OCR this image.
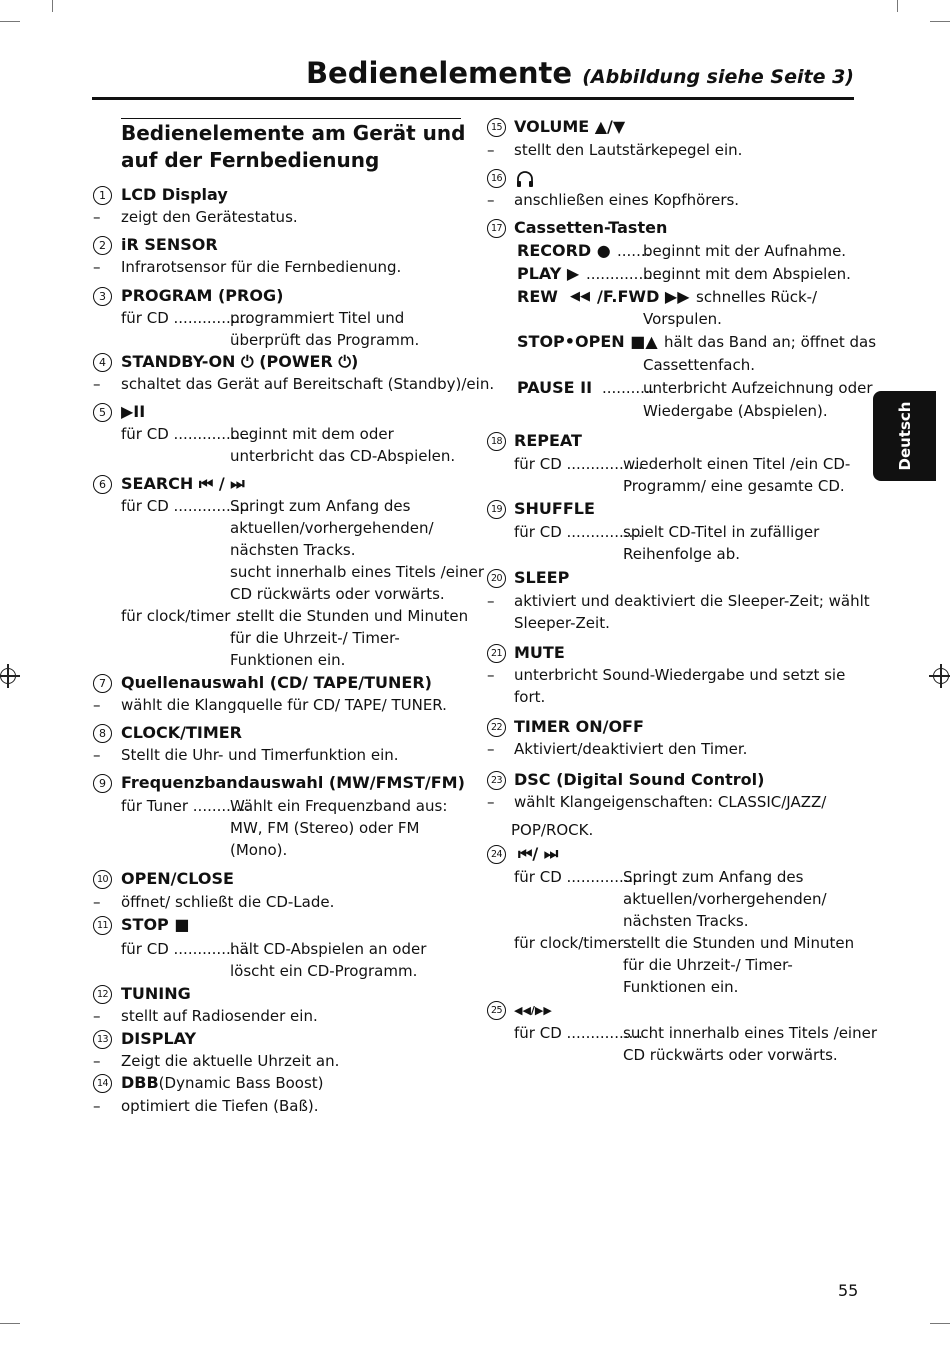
Bedienelemente (Abbildung siehe Seite 3)
Bedienelemente am Gerät und auf der Fernbedienung
Deutsch
1 LCD Display
– zeigt den Gerätestatus.
2 iR SENSOR
– Infrarotsensor für die Fernbedienung.
3 PROGRAM (PROG)
für CD ................
programmiert Titel und
überprüft das Programm.
4 STANDBY-ON ⏻ (POWER ⏻)
– schaltet das Gerät auf Bereitschaft (Standby)/ein.
5 ▶II
für CD ................
beginnt mit dem oder
unterbricht das CD-Abspielen.
6 SEARCH ⏮ / ⏭
für CD ................
Springt zum Anfang des
aktuellen/vorhergehenden/
nächsten Tracks.
sucht innerhalb eines Titels /einer
CD rückwärts oder vorwärts.
für clock/timer ...
stellt die Stunden und Minuten
für die Uhrzeit-/ Timer-
Funktionen ein.
7 Quellenauswahl (CD/ TAPE/TUNER)
– wählt die Klangquelle für CD/ TAPE/ TUNER.
8 CLOCK/TIMER
– Stellt die Uhr- und Timerfunktion ein.
9 Frequenzbandauswahl (MW/FMST/FM)
für Tuner ............
Wählt ein Frequenzband aus:
MW, FM (Stereo) oder FM
(Mono).
10 OPEN/CLOSE
– öffnet/ schließt die CD-Lade.
11 STOP ■
für CD ................
hält CD-Abspielen an oder
löscht ein CD-Programm.
12 TUNING
– stellt auf Radiosender ein.
13 DISPLAY
– Zeigt die aktuelle Uhrzeit an.
14 DBB(Dynamic Bass Boost)
– optimiert die Tiefen (Baß).
15 VOLUME ▲/▼
– stellt den Lautstärkepegel ein.
16
– anschließen eines Kopfhörers.
17 Cassetten-Tasten
RECORD ● .......
beginnt mit der Aufnahme.
PLAY ▶ ................
beginnt mit dem Abspielen.
REW ◀◀ /F.FWD ▶▶ schnelles Rück-/
Vorspulen.
STOP•OPEN ■▲ hält das Band an; öffnet das
Cassettenfach.
PAUSE II ...........
unterbricht Aufzeichnung oder
Wiedergabe (Abspielen).
18 REPEAT
für CD ................
wiederholt einen Titel /ein CD-
Programm/ eine gesamte CD.
19 SHUFFLE
für CD ................
spielt CD-Titel in zufälliger
Reihenfolge ab.
20 SLEEP
– aktiviert und deaktiviert die Sleeper-Zeit; wählt
Sleeper-Zeit.
21 MUTE
– unterbricht Sound-Wiedergabe und setzt sie
fort.
22 TIMER ON/OFF
– Aktiviert/deaktiviert den Timer.
23 DSC (Digital Sound Control)
– wählt Klangeigenschaften: CLASSIC/JAZZ/
POP/ROCK.
24 ⏮/ ⏭
für CD ................
Springt zum Anfang des
aktuellen/vorhergehenden/
nächsten Tracks.
für clock/timer .
stellt die Stunden und Minuten
für die Uhrzeit-/ Timer-
Funktionen ein.
25	◀◀/▶▶
für CD ................
sucht innerhalb eines Titels /einer
CD rückwärts oder vorwärts.
55
